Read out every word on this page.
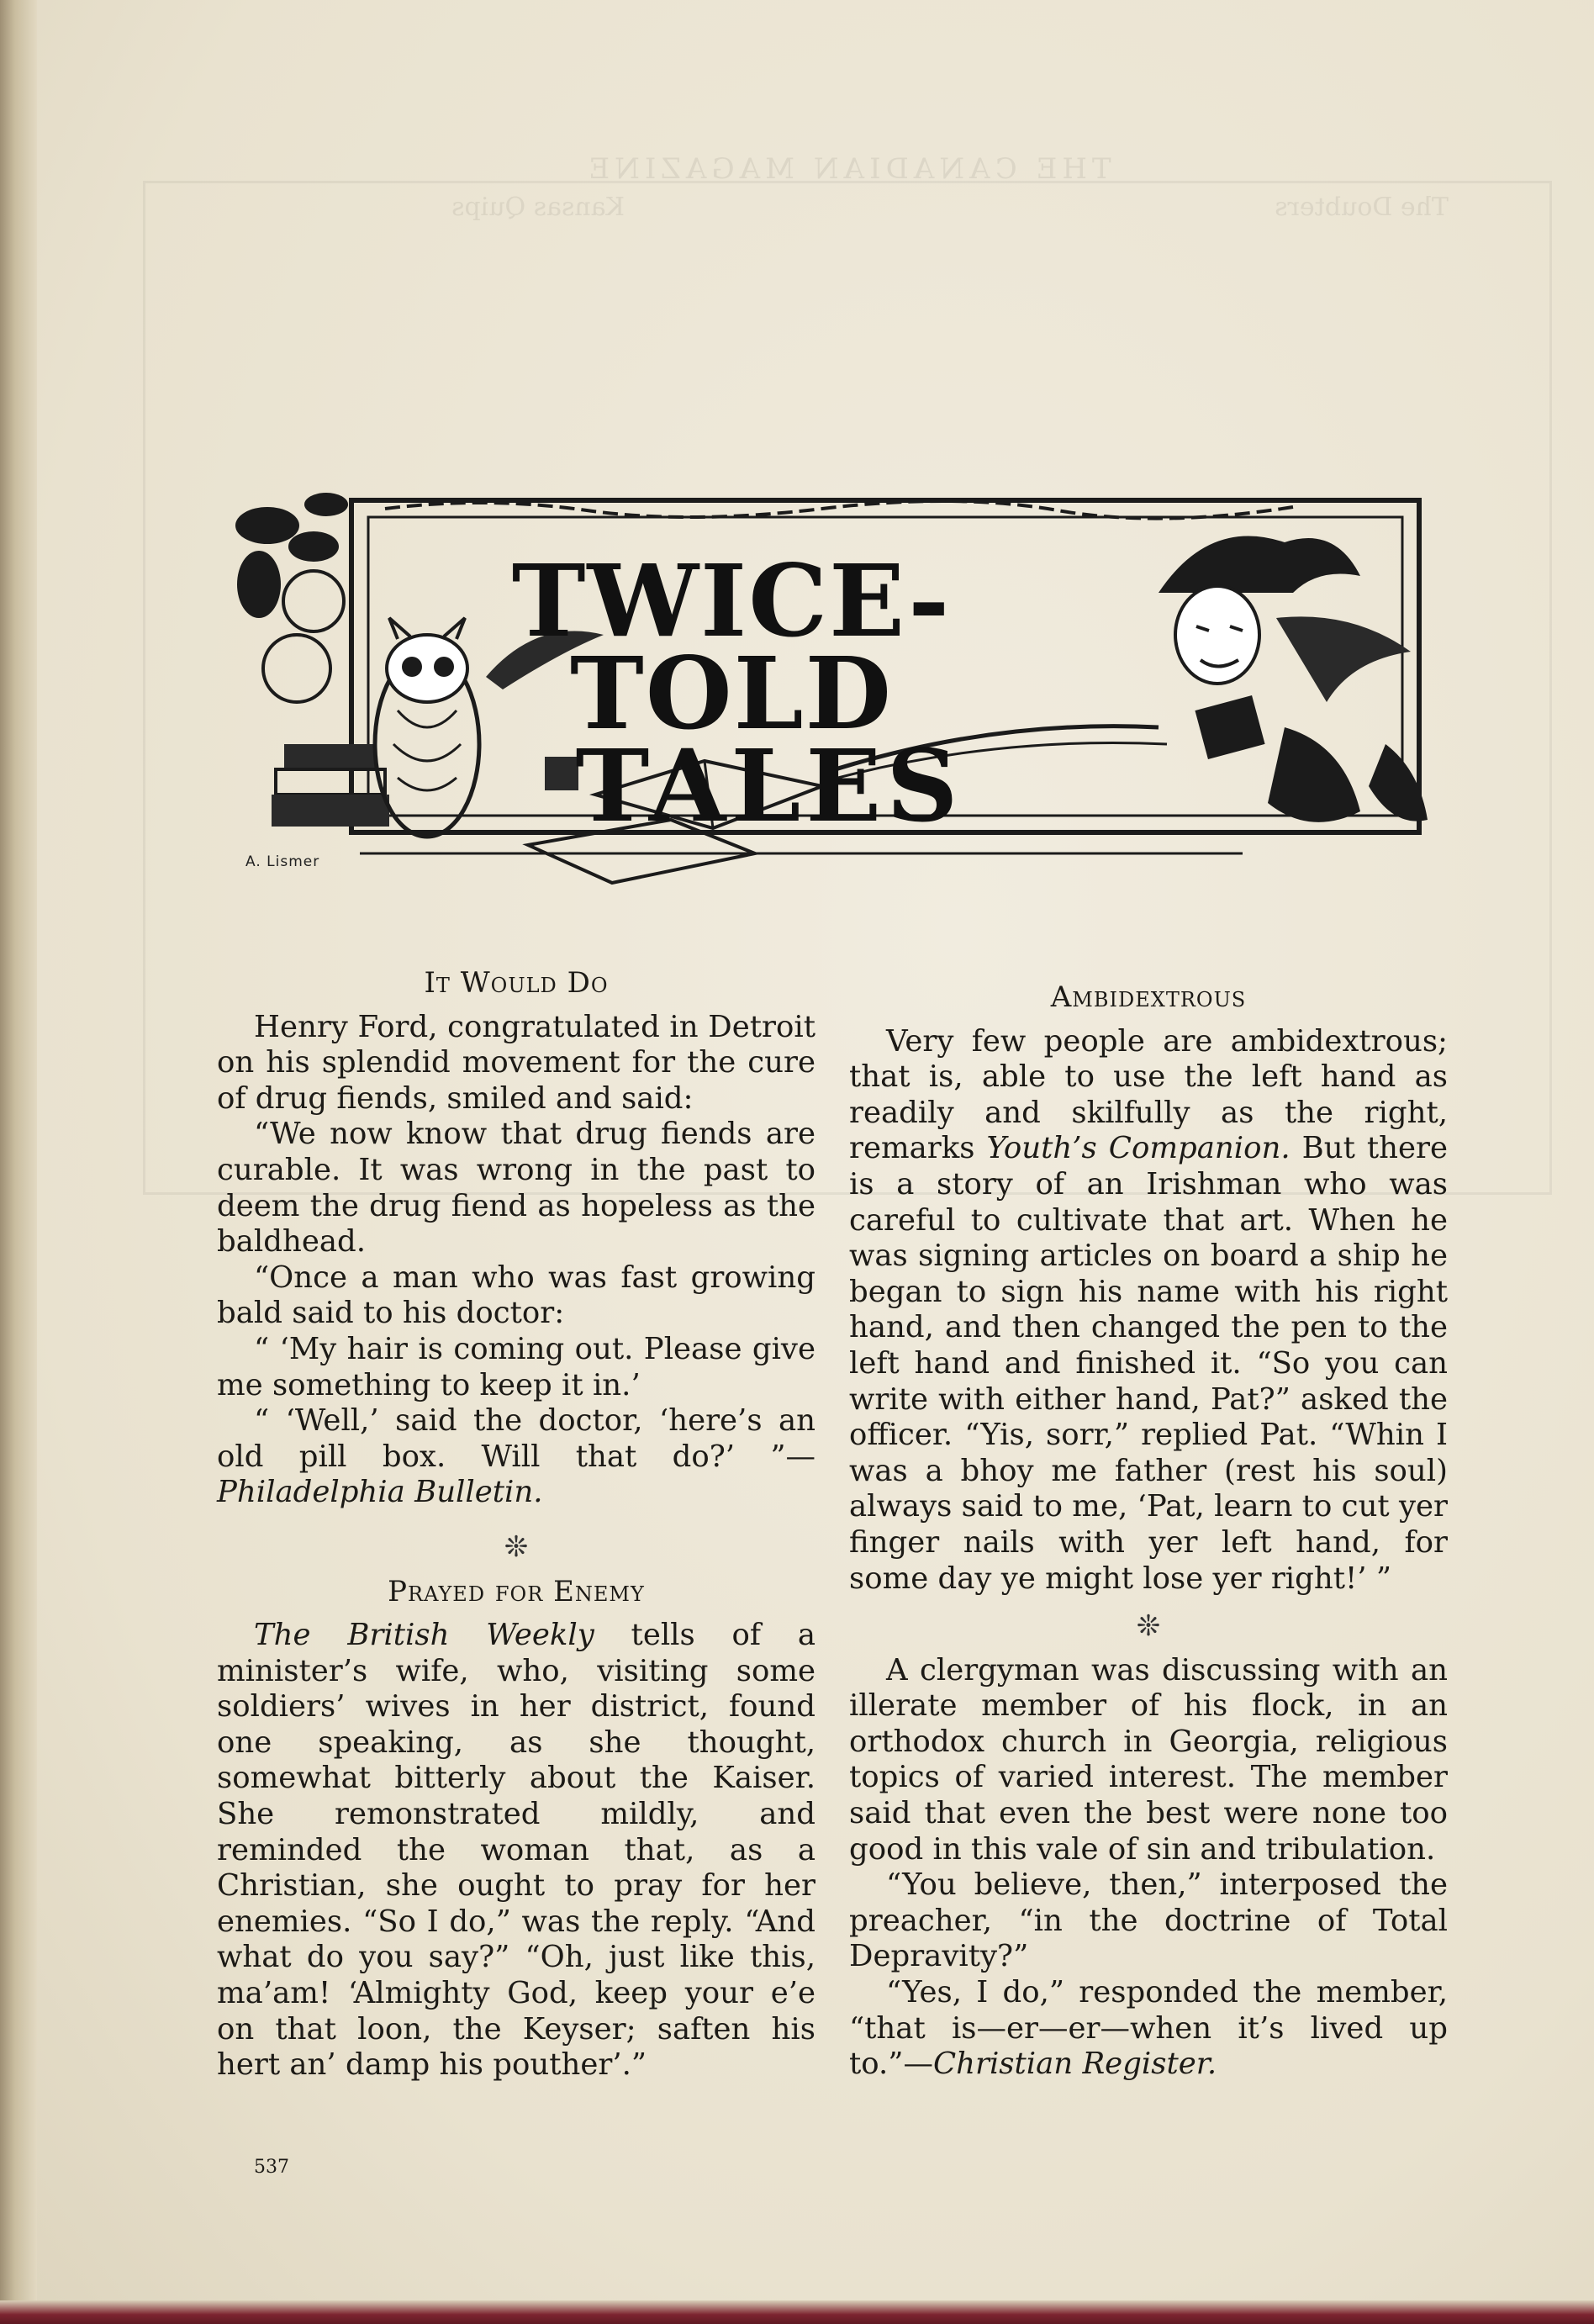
THE CANADIAN MAGAZINE

The Doubters

Kansas Quips

TWICE-TOLD
TALES
A. Lismer
It Would Do

Henry Ford, congratulated in Detroit on his splendid movement for the cure of drug fiends, smiled and said:

“We now know that drug fiends are curable. It was wrong in the past to deem the drug fiend as hopeless as the baldhead.

“Once a man who was fast growing bald said to his doctor:

“ ‘My hair is coming out. Please give me something to keep it in.’

“ ‘Well,’ said the doctor, ‘here’s an old pill box. Will that do?’ ”—Philadelphia Bulletin.

❊
Prayed for Enemy

The British Weekly tells of a minister’s wife, who, visiting some soldiers’ wives in her district, found one speaking, as she thought, somewhat bitterly about the Kaiser. She remonstrated mildly, and reminded the woman that, as a Christian, she ought to pray for her enemies. “So I do,” was the reply. “And what do you say?” “Oh, just like this, ma’am! ‘Almighty God, keep your e’e on that loon, the Keyser; saften his hert an’ damp his pouther’.”

537
Ambidextrous

Very few people are ambidextrous; that is, able to use the left hand as readily and skilfully as the right, remarks Youth’s Companion. But there is a story of an Irishman who was careful to cultivate that art. When he was signing articles on board a ship he began to sign his name with his right hand, and then changed the pen to the left hand and finished it. “So you can write with either hand, Pat?” asked the officer. “Yis, sorr,” replied Pat. “Whin I was a bhoy me father (rest his soul) always said to me, ‘Pat, learn to cut yer finger nails with yer left hand, for some day ye might lose yer right!’ ”

❊

A clergyman was discussing with an illerate member of his flock, in an orthodox church in Georgia, religious topics of varied interest. The member said that even the best were none too good in this vale of sin and tribulation.

“You believe, then,” interposed the preacher, “in the doctrine of Total Depravity?”

“Yes, I do,” responded the member, “that is—er—er—when it’s lived up to.”—Christian Register.
